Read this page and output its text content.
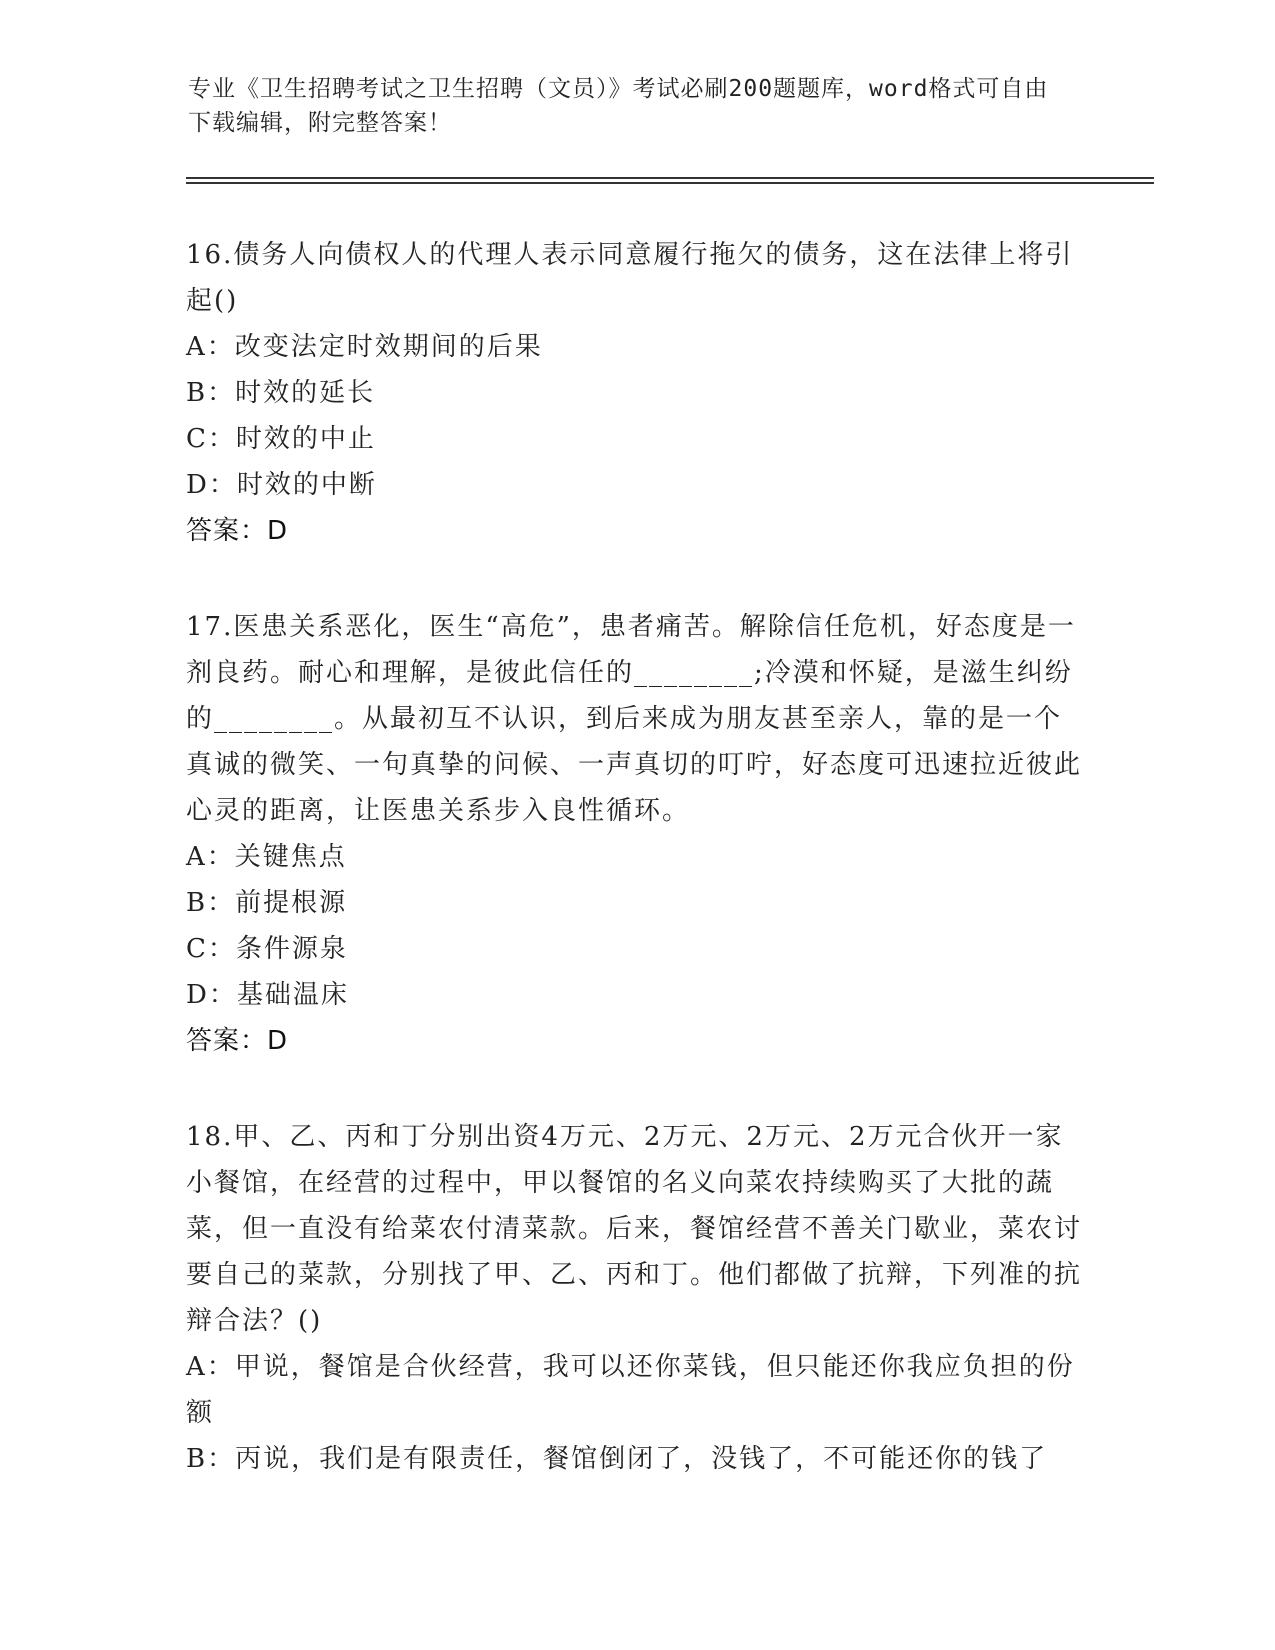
专业《卫生招聘考试之卫生招聘（文员）》考试必刷200题题库，word格式可自由下载编辑，附完整答案！

16.债务人向债权人的代理人表示同意履行拖欠的债务，这在法律上将引起()

A：改变法定时效期间的后果

B：时效的延长

C：时效的中止

D：时效的中断

答案：D

17.医患关系恶化，医生“高危”，患者痛苦。解除信任危机，好态度是一剂良药。耐心和理解，是彼此信任的________;冷漠和怀疑，是滋生纠纷的________。从最初互不认识，到后来成为朋友甚至亲人，靠的是一个真诚的微笑、一句真挚的问候、一声真切的叮咛，好态度可迅速拉近彼此心灵的距离，让医患关系步入良性循环。

A：关键焦点

B：前提根源

C：条件源泉

D：基础温床

答案：D

18.甲、乙、丙和丁分别出资4万元、2万元、2万元、2万元合伙开一家小餐馆，在经营的过程中，甲以餐馆的名义向菜农持续购买了大批的蔬菜，但一直没有给菜农付清菜款。后来，餐馆经营不善关门歇业，菜农讨要自己的菜款，分别找了甲、乙、丙和丁。他们都做了抗辩，下列准的抗辩合法？()

A：甲说，餐馆是合伙经营，我可以还你菜钱，但只能还你我应负担的份额

B：丙说，我们是有限责任，餐馆倒闭了，没钱了，不可能还你的钱了
